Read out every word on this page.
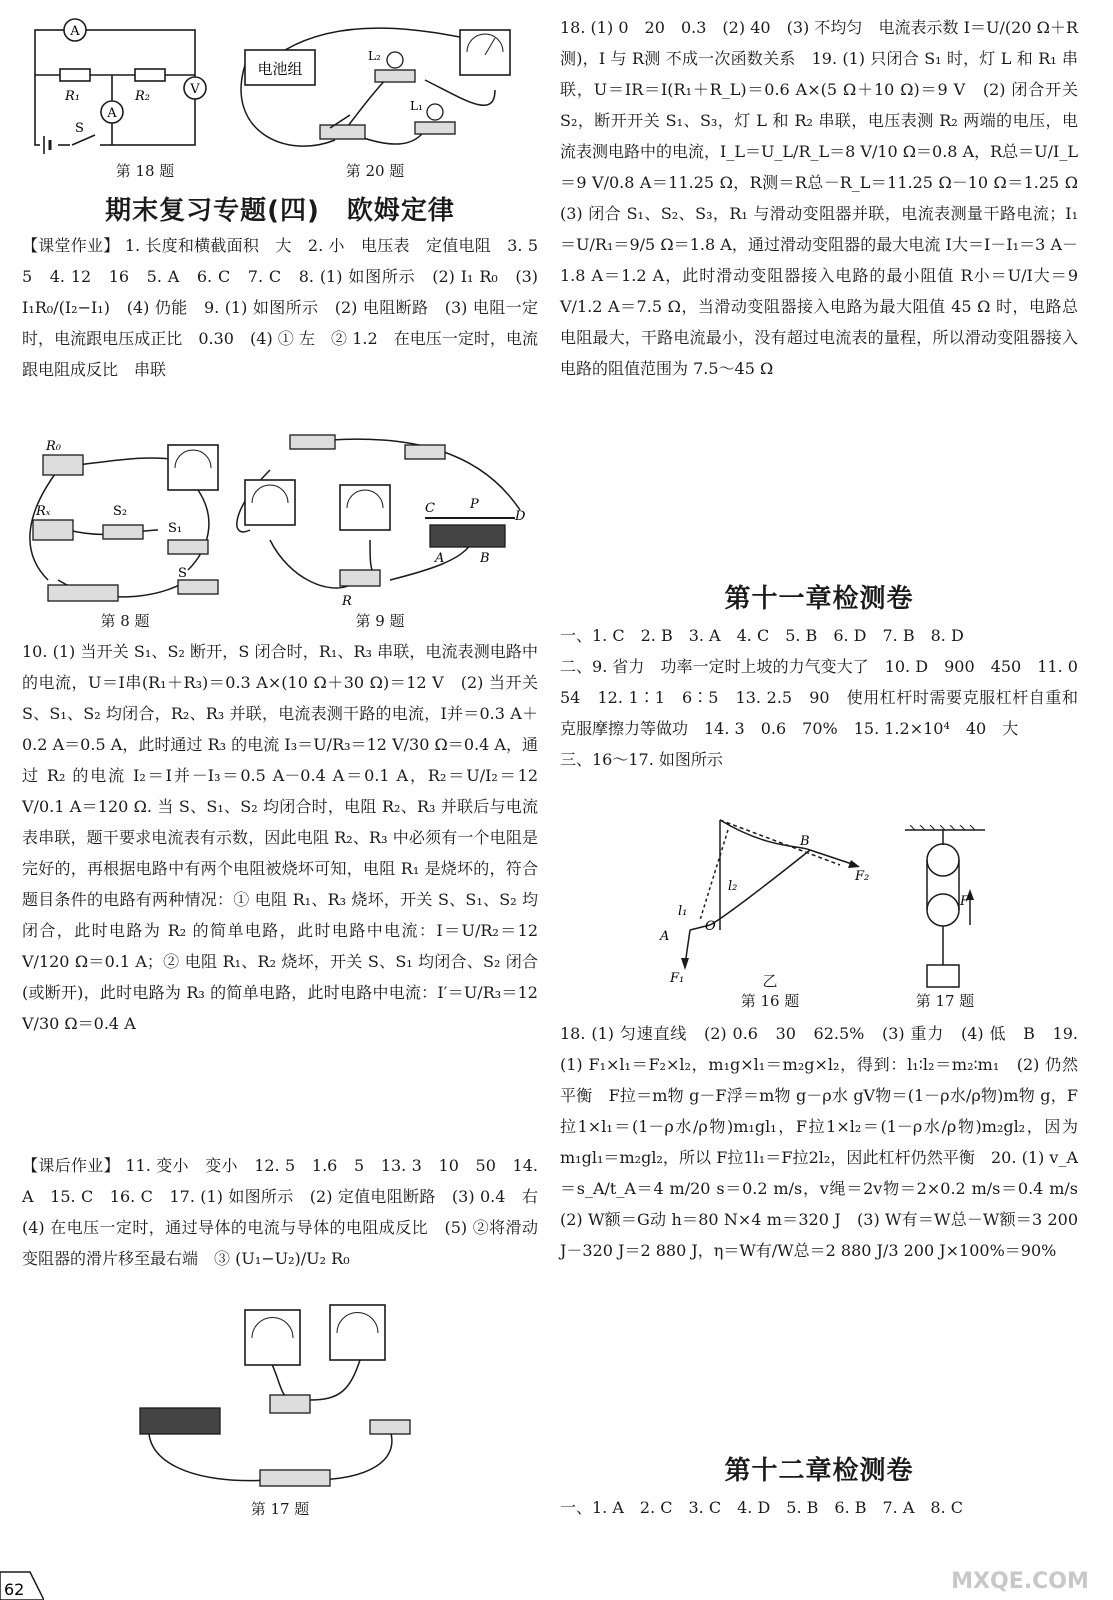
A
R₁	R₂
A
V
S
第 18 题
电池组
L₂
L₁
第 20 题
期末复习专题(四)　欧姆定律

【课堂作业】 1. 长度和横截面积　大　2. 小　电压表　定值电阻　3. 5　5　4. 12　16　5. A　6. C　7. C　8. (1) 如图所示　(2) I₁ R₀　(3) I₁R₀/(I₂−I₁)　(4) 仍能　9. (1) 如图所示　(2) 电阻断路　(3) 电阻一定时，电流跟电压成正比　0.30　(4) ① 左　② 1.2　在电压一定时，电流跟电阻成反比　串联

R₀
Rₓ	S₂
S₁
S
第 8 题
R
C	P
D
A	B
第 9 题

10. (1) 当开关 S₁、S₂ 断开，S 闭合时，R₁、R₃ 串联，电流表测电路中的电流，U＝I串(R₁＋R₃)＝0.3 A×(10 Ω＋30 Ω)＝12 V　(2) 当开关 S、S₁、S₂ 均闭合，R₂、R₃ 并联，电流表测干路的电流，I并＝0.3 A＋0.2 A＝0.5 A，此时通过 R₃ 的电流 I₃＝U/R₃＝12 V/30 Ω＝0.4 A，通过 R₂ 的电流 I₂＝I并－I₃＝0.5 A－0.4 A＝0.1 A，R₂＝U/I₂＝12 V/0.1 A＝120 Ω. 当 S、S₁、S₂ 均闭合时，电阻 R₂、R₃ 并联后与电流表串联，题干要求电流表有示数，因此电阻 R₂、R₃ 中必须有一个电阻是完好的，再根据电路中有两个电阻被烧坏可知，电阻 R₁ 是烧坏的，符合题目条件的电路有两种情况：① 电阻 R₁、R₃ 烧坏，开关 S、S₁、S₂ 均闭合，此时电路为 R₂ 的简单电路，此时电路中电流：I＝U/R₂＝12 V/120 Ω＝0.1 A；② 电阻 R₁、R₂ 烧坏，开关 S、S₁ 均闭合、S₂ 闭合(或断开)，此时电路为 R₃ 的简单电路，此时电路中电流：I′＝U/R₃＝12 V/30 Ω＝0.4 A

【课后作业】 11. 变小　变小　12. 5　1.6　5　13. 3　10　50　14. A　15. C　16. C　17. (1) 如图所示　(2) 定值电阻断路　(3) 0.4　右　(4) 在电压一定时，通过导体的电流与导体的电阻成反比　(5) ②将滑动变阻器的滑片移至最右端　③ (U₁−U₂)/U₂ R₀

第 17 题

18. (1) 0　20　0.3　(2) 40　(3) 不均匀　电流表示数 I＝U/(20 Ω＋R测)，I 与 R测 不成一次函数关系　19. (1) 只闭合 S₁ 时，灯 L 和 R₁ 串联，U＝IR＝I(R₁＋R_L)＝0.6 A×(5 Ω＋10 Ω)＝9 V　(2) 闭合开关 S₂，断开开关 S₁、S₃，灯 L 和 R₂ 串联，电压表测 R₂ 两端的电压，电流表测电路中的电流，I_L＝U_L/R_L＝8 V/10 Ω＝0.8 A，R总＝U/I_L＝9 V/0.8 A＝11.25 Ω，R测＝R总－R_L＝11.25 Ω－10 Ω＝1.25 Ω　(3) 闭合 S₁、S₂、S₃，R₁ 与滑动变阻器并联，电流表测量干路电流；I₁＝U/R₁＝9/5 Ω＝1.8 A，通过滑动变阻器的最大电流 I大＝I－I₁＝3 A－1.8 A＝1.2 A，此时滑动变阻器接入电路的最小阻值 R小＝U/I大＝9 V/1.2 A＝7.5 Ω，当滑动变阻器接入电路为最大阻值 45 Ω 时，电路总电阻最大，干路电流最小，没有超过电流表的量程，所以滑动变阻器接入电路的阻值范围为 7.5～45 Ω

第十一章检测卷

一、1. C　2. B　3. A　4. C　5. B　6. D　7. B　8. D

二、9. 省力　功率一定时上坡的力气变大了　10. D　900　450　11. 0　54　12. 1∶1　6∶5　13. 2.5　90　使用杠杆时需要克服杠杆自重和克服摩擦力等做功　14. 3　0.6　70%　15. 1.2×10⁴　40　大

三、16～17. 如图所示

B
F₂
l₂
l₁
O
A
F₁	乙
第 16 题
F
第 17 题

18. (1) 匀速直线　(2) 0.6　30　62.5%　(3) 重力　(4) 低　B　19. (1) F₁×l₁＝F₂×l₂，m₁g×l₁＝m₂g×l₂，得到：l₁∶l₂＝m₂∶m₁　(2) 仍然平衡　F拉＝m物 g－F浮＝m物 g－ρ水 gV物＝(1－ρ水/ρ物)m物 g，F拉1×l₁＝(1－ρ水/ρ物)m₁gl₁，F拉1×l₂＝(1－ρ水/ρ物)m₂gl₂，因为 m₁gl₁＝m₂gl₂，所以 F拉1l₁＝F拉2l₂，因此杠杆仍然平衡　20. (1) v_A＝s_A/t_A＝4 m/20 s＝0.2 m/s，v绳＝2v物＝2×0.2 m/s＝0.4 m/s　(2) W额＝G动 h＝80 N×4 m＝320 J　(3) W有＝W总－W额＝3 200 J－320 J＝2 880 J，η＝W有/W总＝2 880 J/3 200 J×100%＝90%

第十二章检测卷

一、1. A　2. C　3. C　4. D　5. B　6. B　7. A　8. C

62	MXQE.COM
